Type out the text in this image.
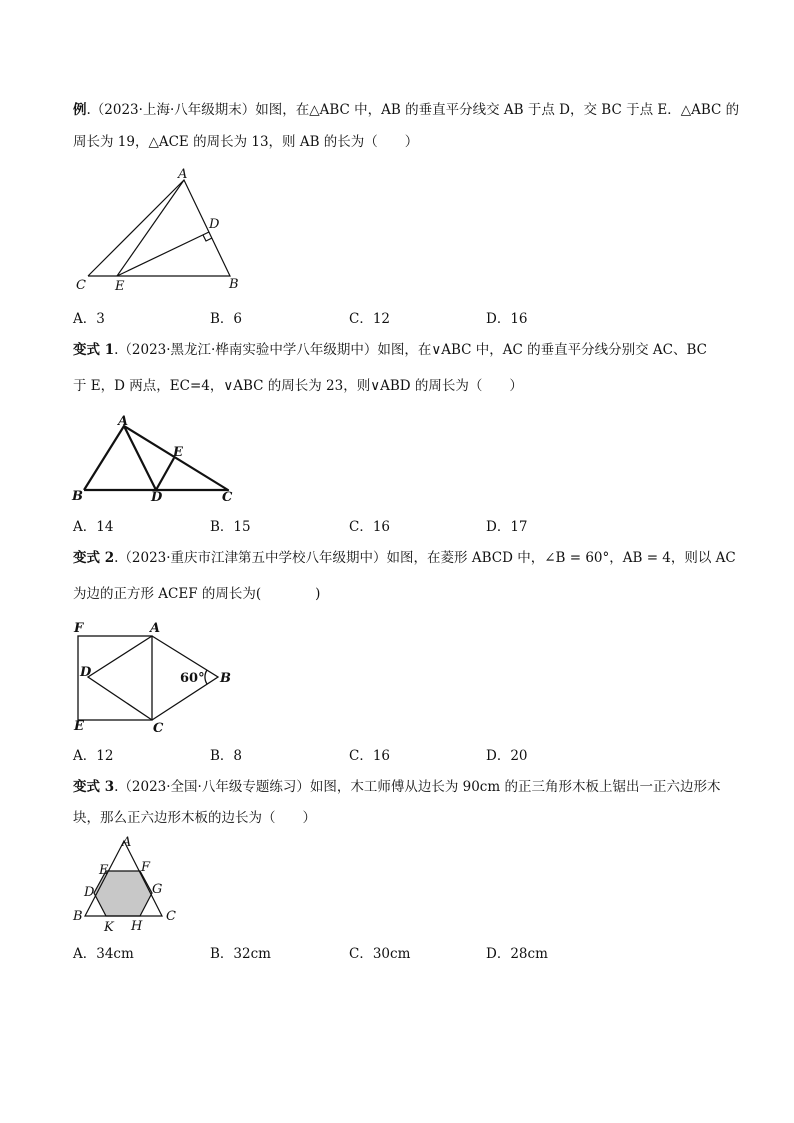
例.（2023·上海·八年级期末）如图，在△ABC 中，AB 的垂直平分线交 AB 于点 D，交 BC 于点 E．△ABC 的
周长为 19，△ACE 的周长为 13，则 AB 的长为（　　）
A
D
C E	B
A．3	B．6	C．12	D．16
变式 1.（2023·黑龙江·桦南实验中学八年级期中）如图，在∨ABC 中，AC 的垂直平分线分别交 AC、BC
于 E，D 两点，EC=4，∨ABC 的周长为 23，则∨ABD 的周长为（　　）
A
E
B	D	C
A．14	B．15	C．16	D．17
变式 2.（2023·重庆市江津第五中学校八年级期中）如图，在菱形 ABCD 中，∠B = 60°，AB = 4，则以 AC
为边的正方形 ACEF 的周长为(　　　　)
F	A
D	60° B
E	C
A．12	B．8	C．16	D．20
变式 3.（2023·全国·八年级专题练习）如图，木工师傅从边长为 90cm 的正三角形木板上锯出一正六边形木
块，那么正六边形木板的边长为（　　）
A
E	F
D	G
B	C
K H
A．34cm	B．32cm	C．30cm	D．28cm
